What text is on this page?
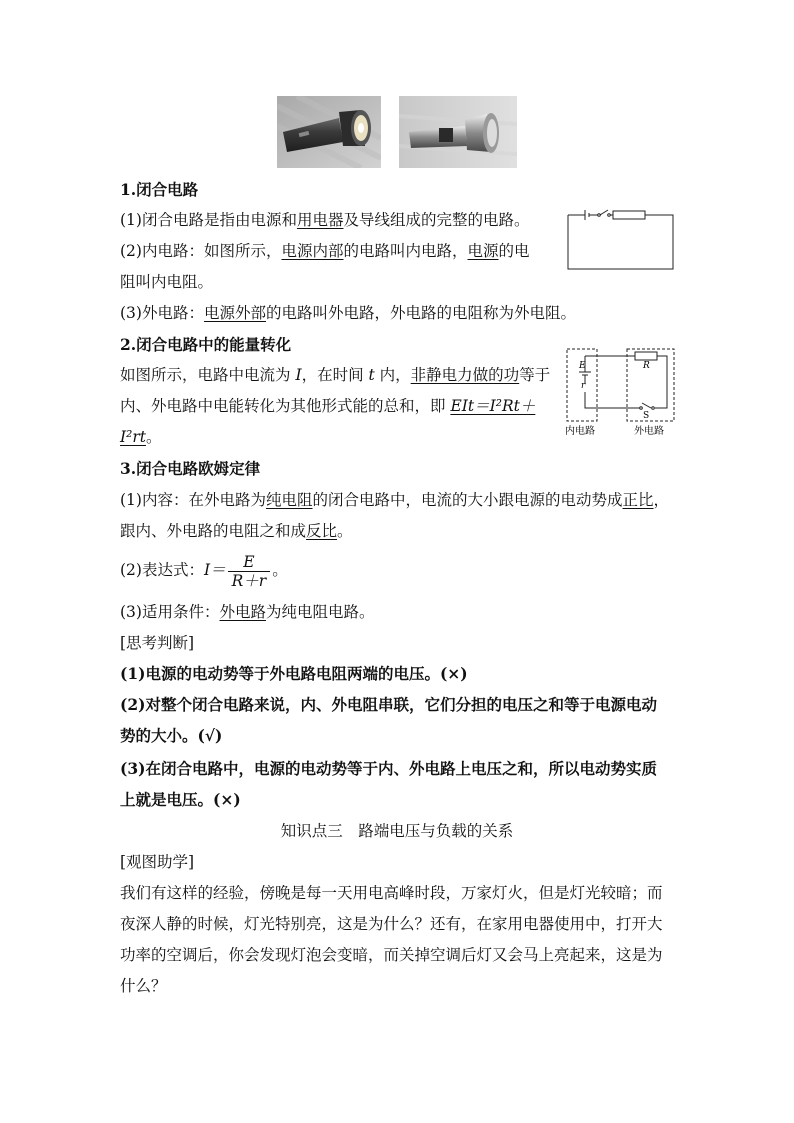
1.闭合电路
(1)闭合电路是指由电源和用电器及导线组成的完整的电路。
(2)内电路：如图所示，电源内部的电路叫内电路，电源的电
阻叫内电阻。
(3)外电路：电源外部的电路叫外电路，外电路的电阻称为外电阻。
2.闭合电路中的能量转化
如图所示，电路中电流为 I，在时间 t 内，非静电力做的功等于
内、外电路中电能转化为其他形式能的总和，即 EIt＝I²Rt＋
I²rt。
E
r
R
S
内电路	外电路
3.闭合电路欧姆定律
(1)内容：在外电路为纯电阻的闭合电路中，电流的大小跟电源的电动势成正比，
跟内、外电路的电阻之和成反比。
(2)表达式：$I= \frac{E}{R+r}$ 。
(3)适用条件：外电路为纯电阻电路。
[思考判断]
(1)电源的电动势等于外电路电阻两端的电压。(×)
(2)对整个闭合电路来说，内、外电阻串联，它们分担的电压之和等于电源电动
势的大小。(√)
(3)在闭合电路中，电源的电动势等于内、外电路上电压之和，所以电动势实质
上就是电压。(×)
知识点三　路端电压与负载的关系
[观图助学]
我们有这样的经验，傍晚是每一天用电高峰时段，万家灯火，但是灯光较暗；而
夜深人静的时候，灯光特别亮，这是为什么？还有，在家用电器使用中，打开大
功率的空调后，你会发现灯泡会变暗，而关掉空调后灯又会马上亮起来，这是为
什么？
